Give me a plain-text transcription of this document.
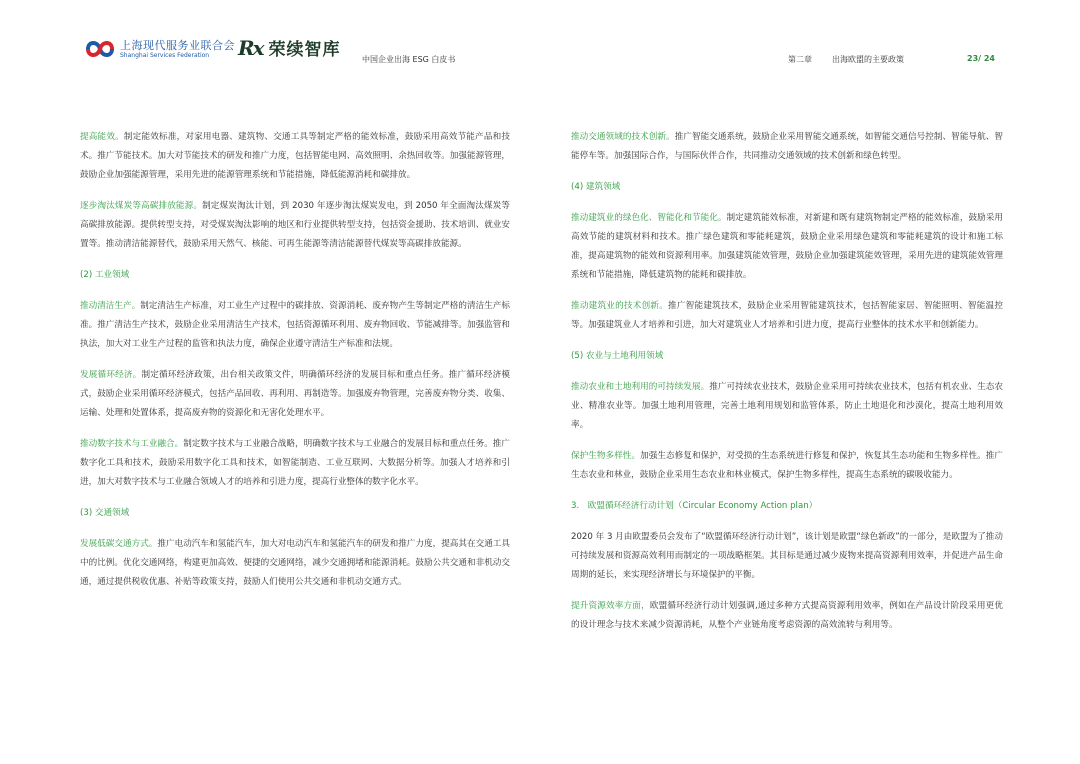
上海现代服务业联合会
Shanghai Services Federation	Rx 荣续智库	中国企业出海 ESG 白皮书	第二章	出海欧盟的主要政策	23/ 24

提高能效。制定能效标准，对家用电器、建筑物、交通工具等制定严格的能效标准，鼓励采用高效节能产品和技术。推广节能技术。加大对节能技术的研发和推广力度，包括智能电网、高效照明、余热回收等。加强能源管理，鼓励企业加强能源管理，采用先进的能源管理系统和节能措施，降低能源消耗和碳排放。

逐步淘汰煤炭等高碳排放能源。制定煤炭淘汰计划，到 2030 年逐步淘汰煤炭发电，到 2050 年全面淘汰煤炭等高碳排放能源。提供转型支持，对受煤炭淘汰影响的地区和行业提供转型支持，包括资金援助、技术培训、就业安置等。推动清洁能源替代，鼓励采用天然气、核能、可再生能源等清洁能源替代煤炭等高碳排放能源。

(2) 工业领域

推动清洁生产。制定清洁生产标准，对工业生产过程中的碳排放、资源消耗、废弃物产生等制定严格的清洁生产标准。推广清洁生产技术，鼓励企业采用清洁生产技术，包括资源循环利用、废弃物回收、节能减排等。加强监管和执法，加大对工业生产过程的监管和执法力度，确保企业遵守清洁生产标准和法规。

发展循环经济。制定循环经济政策，出台相关政策文件，明确循环经济的发展目标和重点任务。推广循环经济模式，鼓励企业采用循环经济模式，包括产品回收、再利用、再制造等。加强废弃物管理，完善废弃物分类、收集、运输、处理和处置体系，提高废弃物的资源化和无害化处理水平。

推动数字技术与工业融合。制定数字技术与工业融合战略，明确数字技术与工业融合的发展目标和重点任务。推广数字化工具和技术，鼓励采用数字化工具和技术，如智能制造、工业互联网、大数据分析等。加强人才培养和引进，加大对数字技术与工业融合领域人才的培养和引进力度，提高行业整体的数字化水平。

(3) 交通领域

发展低碳交通方式。推广电动汽车和氢能汽车，加大对电动汽车和氢能汽车的研发和推广力度，提高其在交通工具中的比例。优化交通网络，构建更加高效、便捷的交通网络，减少交通拥堵和能源消耗。鼓励公共交通和非机动交通，通过提供税收优惠、补贴等政策支持，鼓励人们使用公共交通和非机动交通方式。

推动交通领域的技术创新。推广智能交通系统，鼓励企业采用智能交通系统，如智能交通信号控制、智能导航、智能停车等。加强国际合作，与国际伙伴合作，共同推动交通领域的技术创新和绿色转型。

(4) 建筑领域

推动建筑业的绿色化、智能化和节能化。制定建筑能效标准，对新建和既有建筑物制定严格的能效标准，鼓励采用高效节能的建筑材料和技术。推广绿色建筑和零能耗建筑，鼓励企业采用绿色建筑和零能耗建筑的设计和施工标准，提高建筑物的能效和资源利用率。加强建筑能效管理，鼓励企业加强建筑能效管理，采用先进的建筑能效管理系统和节能措施，降低建筑物的能耗和碳排放。

推动建筑业的技术创新。推广智能建筑技术，鼓励企业采用智能建筑技术，包括智能家居、智能照明、智能温控等。加强建筑业人才培养和引进，加大对建筑业人才培养和引进力度，提高行业整体的技术水平和创新能力。

(5) 农业与土地利用领域

推动农业和土地利用的可持续发展。推广可持续农业技术，鼓励企业采用可持续农业技术，包括有机农业、生态农业、精准农业等。加强土地利用管理，完善土地利用规划和监管体系，防止土地退化和沙漠化，提高土地利用效率。

保护生物多样性。加强生态修复和保护，对受损的生态系统进行修复和保护，恢复其生态功能和生物多样性。推广生态农业和林业，鼓励企业采用生态农业和林业模式，保护生物多样性，提高生态系统的碳吸收能力。

3.　欧盟循环经济行动计划（Circular Economy Action plan）

2020 年 3 月由欧盟委员会发布了“欧盟循环经济行动计划”，该计划是欧盟“绿色新政”的一部分，是欧盟为了推动可持续发展和资源高效利用而制定的一项战略框架。其目标是通过减少废物来提高资源利用效率，并促进产品生命周期的延长，来实现经济增长与环境保护的平衡。

提升资源效率方面，欧盟循环经济行动计划强调,通过多种方式提高资源利用效率，例如在产品设计阶段采用更优的设计理念与技术来减少资源消耗，从整个产业链角度考虑资源的高效流转与利用等。
